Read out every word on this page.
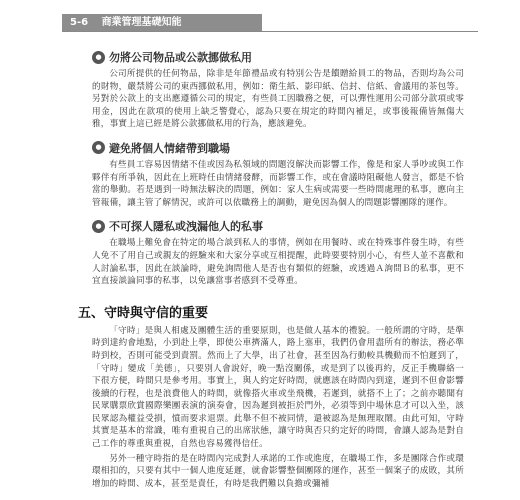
5-6 商業管理基礎知能
● 勿將公司物品或公款挪做私用

公司所提供的任何物品，除非是年節禮品或有特別公告是饋贈給員工的物品，否則均為公司的財物，嚴禁將公司的東西挪做私用，例如：衛生紙、影印紙、信封、信紙、會議用的茶包等。另對於公款上的支出應遵循公司的規定，有些員工因職務之便，可以彈性運用公司部分款項或零用金，因此在款項的使用上缺乏警覺心，認為只要在規定的時間內補足，或事後報備皆無傷大雅，事實上這已經是將公款挪做私用的行為，應該避免。

● 避免將個人情緒帶到職場

有些員工容易因情緒不佳或因為私領域的問題沒解決而影響工作，像是和家人爭吵或與工作夥伴有所爭執，因此在上班時任由情緒發酵，而影響工作，或在會議時阻礙他人發言，都是不恰當的舉動。若是遇到一時無法解決的問題，例如：家人生病或需要一些時間處理的私事，應向主管報備，讓主管了解情況，或許可以依職務上的調動，避免因為個人的問題影響團隊的運作。

● 不可探人隱私或洩漏他人的私事

在職場上難免會在特定的場合談到私人的事情，例如在用餐時、或在特殊事件發生時，有些人免不了用自己或親友的經驗來和大家分享或互相提醒，此時要要特別小心，有些人並不喜歡和人討論私事，因此在談論時，避免詢問他人是否也有類似的經驗，或透過Ａ詢問Ｂ的私事，更不宜直接談論同事的私事，以免讓當事者感到不受尊重。

五、守時與守信的重要

「守時」是與人相處及團體生活的重要原則，也是做人基本的禮貌。一般所謂的守時，是準時到達約會地點，小到赴上學，即使公車擠滿人，路上塞車，我們仍會用盡所有的辦法，務必準時到校，否則可能受到責罰。然而上了大學，出了社會，甚至因為行動較具機動而不怕遲到了，「守時」變成「美德」，只要別人會說好，晚一點沒關係，或是到了以後再約，反正手機聯絡一下很方便，時間只是參考用。事實上，與人約定好時間，就應該在時間內到達，遲到不但會影響後續的行程，也是浪費他人的時間，就像搭火車或坐飛機，若遲到，就搭不上了；之前亦聽聞有民眾購票欣賞國際樂團表演的演奏會，因為遲到被拒於門外，必須等到中場休息才可以入坐，該民眾認為權益受損，憤而要求退票。此舉不但不被同情，還被認為是無理取鬧。由此可知，守時其實是基本的常識，唯有重視自己的出席狀態，讓守時與否只約定好的時間，會讓人認為是對自己工作的尊重與重視，自然也容易獲得信任。

另外一種守時指的是在時間內完成對人承諾的工作或進度，在職場工作，多是團隊合作或環環相扣的，只要有其中一個人進度延遲，就會影響整個團隊的運作，甚至一個案子的成敗，其所增加的時間、成本，甚至是責任，有時是我們難以負擔或彌補
